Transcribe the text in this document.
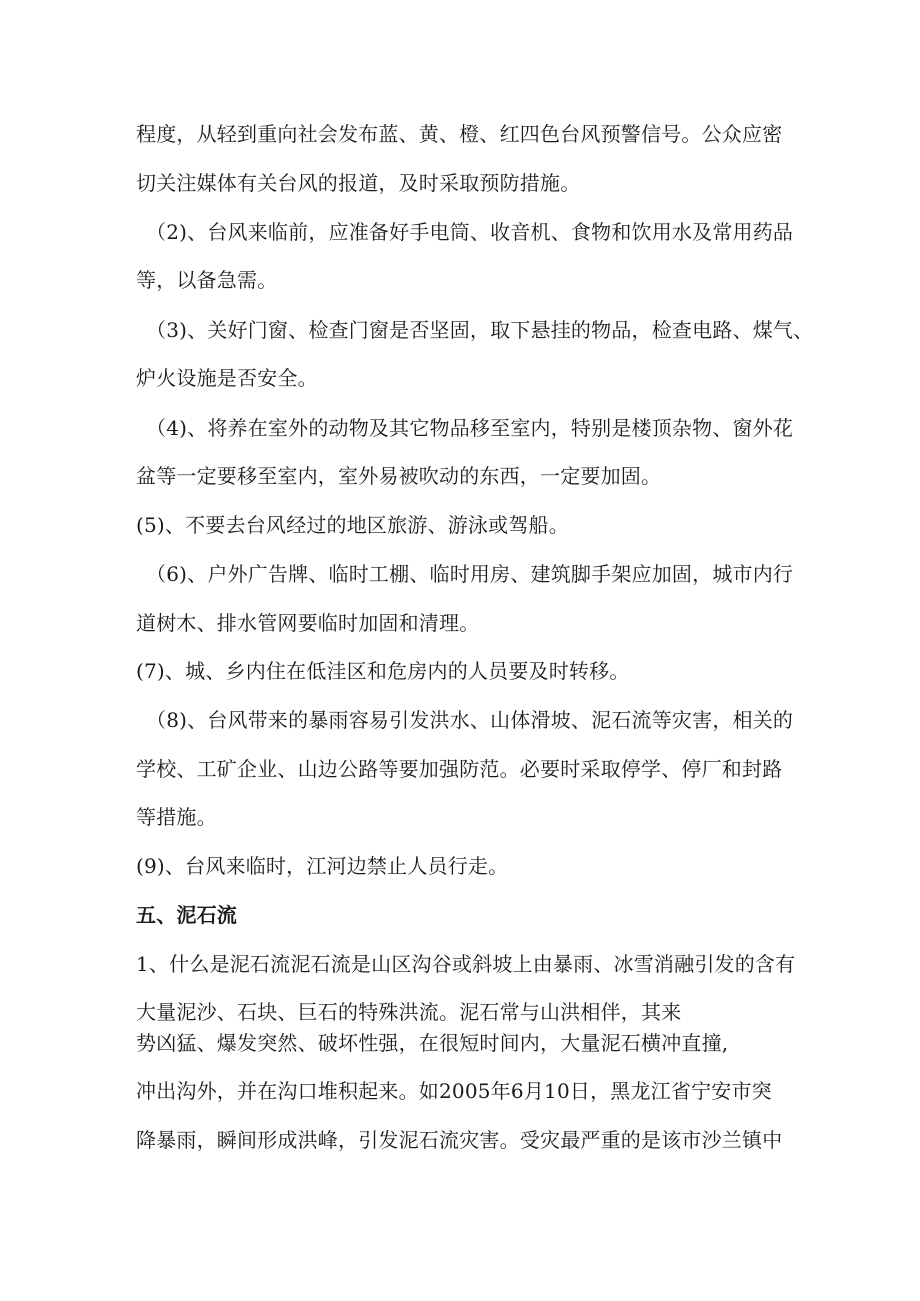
程度，从轻到重向社会发布蓝、黄、橙、红四色台风预警信号。公众应密
切关注媒体有关台风的报道，及时采取预防措施。
（2)、台风来临前，应准备好手电筒、收音机、食物和饮用水及常用药品
等，以备急需。
（3)、关好门窗、检查门窗是否坚固，取下悬挂的物品，检查电路、煤气、
炉火设施是否安全。
（4)、将养在室外的动物及其它物品移至室内，特别是楼顶杂物、窗外花
盆等一定要移至室内，室外易被吹动的东西，一定要加固。
(5)、不要去台风经过的地区旅游、游泳或驾船。
（6)、户外广告牌、临时工棚、临时用房、建筑脚手架应加固，城市内行
道树木、排水管网要临时加固和清理。
(7)、城、乡内住在低洼区和危房内的人员要及时转移。
（8)、台风带来的暴雨容易引发洪水、山体滑坡、泥石流等灾害，相关的
学校、工矿企业、山边公路等要加强防范。必要时采取停学、停厂和封路
等措施。
(9)、台风来临时，江河边禁止人员行走。
五、泥石流
1、什么是泥石流泥石流是山区沟谷或斜坡上由暴雨、冰雪消融引发的含有
大量泥沙、石块、巨石的特殊洪流。泥石常与山洪相伴，其来
势凶猛、爆发突然、破坏性强，在很短时间内，大量泥石横冲直撞,
冲出沟外，并在沟口堆积起来。如2005年6月10日，黑龙江省宁安市突
降暴雨，瞬间形成洪峰，引发泥石流灾害。受灾最严重的是该市沙兰镇中
